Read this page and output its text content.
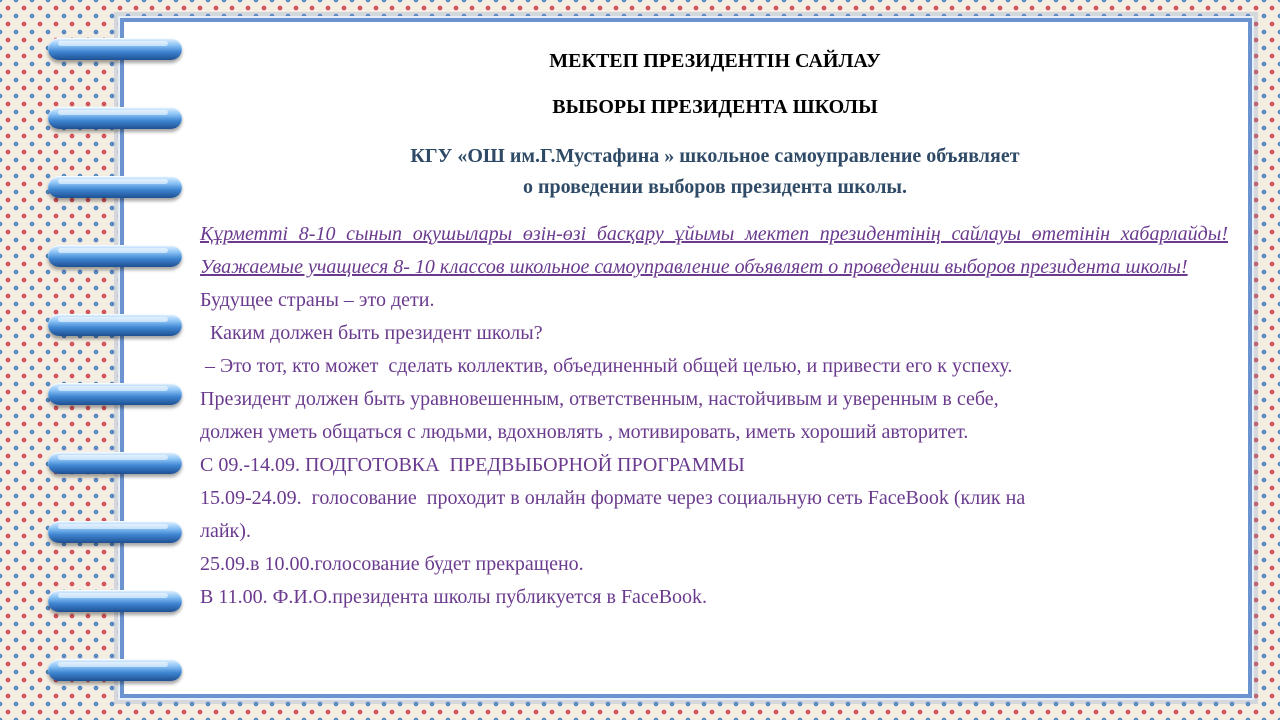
МЕКТЕП ПРЕЗИДЕНТІН САЙЛАУ
ВЫБОРЫ ПРЕЗИДЕНТА ШКОЛЫ

КГУ «ОШ им.Г.Мустафина » школьное самоуправление объявляет

о проведении выборов президента школы.

Құрметті 8-10 сынып оқушылары өзін-өзі басқару ұйымы мектеп президентінің сайлауы өтетінін хабарлайды! Уважаемые учащиеся 8- 10 классов школьное самоуправление объявляет о проведении выборов президента школы!
Будущее страны – это дети.
Каким должен быть президент школы?
– Это тот, кто может  сделать коллектив, объединенный общей целью, и привести его к успеху.
Президент должен быть уравновешенным, ответственным, настойчивым и уверенным в себе,
должен уметь общаться с людьми, вдохновлять , мотивировать, иметь хороший авторитет.
С 09.-14.09. ПОДГОТОВКА  ПРЕДВЫБОРНОЙ ПРОГРАММЫ
15.09-24.09.  голосование  проходит в онлайн формате через социальную сеть FaceBook (клик на
лайк).
25.09.в 10.00.голосование будет прекращено.
В 11.00. Ф.И.О.президента школы публикуется в FaceBook.
